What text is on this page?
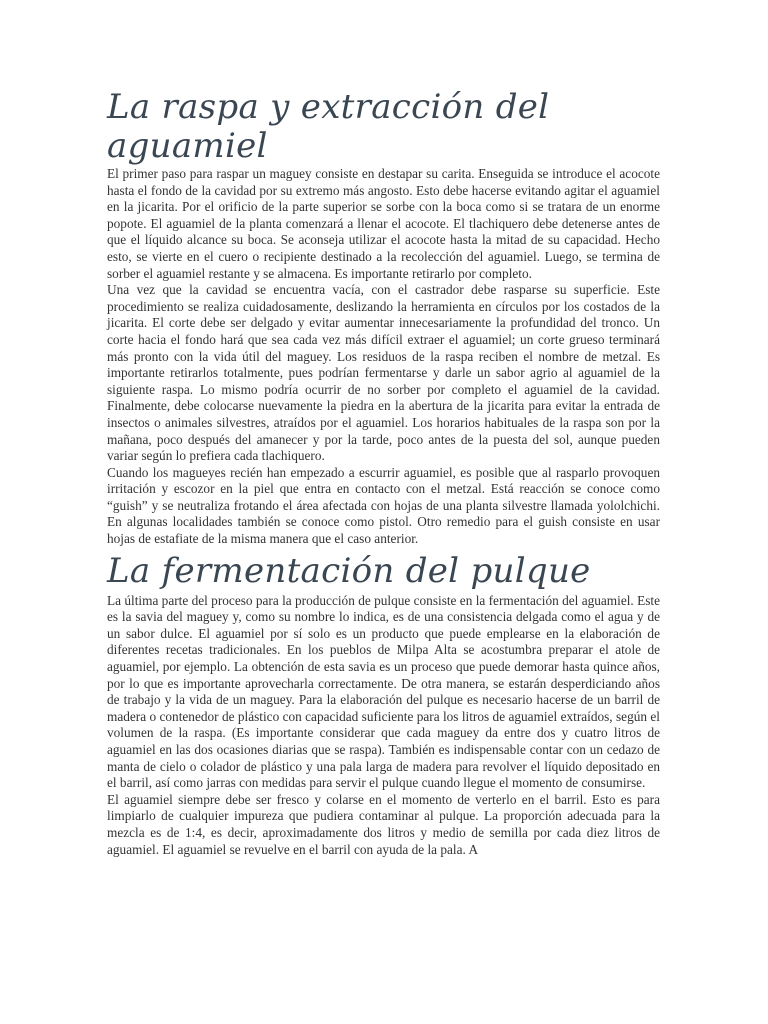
La raspa y extracción del aguamiel

El primer paso para raspar un maguey consiste en destapar su carita. Enseguida se introduce el acocote hasta el fondo de la cavidad por su extremo más angosto. Esto debe hacerse evitando agitar el aguamiel en la jicarita. Por el orificio de la parte superior se sorbe con la boca como si se tratara de un enorme popote. El aguamiel de la planta comenzará a llenar el acocote. El tlachiquero debe detenerse antes de que el líquido alcance su boca. Se aconseja utilizar el acocote hasta la mitad de su capacidad. Hecho esto, se vierte en el cuero o recipiente destinado a la recolección del aguamiel. Luego, se termina de sorber el aguamiel restante y se almacena. Es importante retirarlo por completo.

Una vez que la cavidad se encuentra vacía, con el castrador debe rasparse su superficie. Este procedimiento se realiza cuidadosamente, deslizando la herramienta en círculos por los costados de la jicarita. El corte debe ser delgado y evitar aumentar innecesariamente la profundidad del tronco. Un corte hacia el fondo hará que sea cada vez más difícil extraer el aguamiel; un corte grueso terminará más pronto con la vida útil del maguey. Los residuos de la raspa reciben el nombre de metzal. Es importante retirarlos totalmente, pues podrían fermentarse y darle un sabor agrio al aguamiel de la siguiente raspa. Lo mismo podría ocurrir de no sorber por completo el aguamiel de la cavidad. Finalmente, debe colocarse nuevamente la piedra en la abertura de la jicarita para evitar la entrada de insectos o animales silvestres, atraídos por el aguamiel. Los horarios habituales de la raspa son por la mañana, poco después del amanecer y por la tarde, poco antes de la puesta del sol, aunque pueden variar según lo prefiera cada tlachiquero.

Cuando los magueyes recién han empezado a escurrir aguamiel, es posible que al rasparlo provoquen irritación y escozor en la piel que entra en contacto con el metzal. Está reacción se conoce como “guish” y se neutraliza frotando el área afectada con hojas de una planta silvestre llamada yololchichi. En algunas localidades también se conoce como pistol. Otro remedio para el guish consiste en usar hojas de estafiate de la misma manera que el caso anterior.

La fermentación del pulque

La última parte del proceso para la producción de pulque consiste en la fermentación del aguamiel. Este es la savia del maguey y, como su nombre lo indica, es de una consistencia delgada como el agua y de un sabor dulce. El aguamiel por sí solo es un producto que puede emplearse en la elaboración de diferentes recetas tradicionales. En los pueblos de Milpa Alta se acostumbra preparar el atole de aguamiel, por ejemplo. La obtención de esta savia es un proceso que puede demorar hasta quince años, por lo que es importante aprovecharla correctamente. De otra manera, se estarán desperdiciando años de trabajo y la vida de un maguey. Para la elaboración del pulque es necesario hacerse de un barril de madera o contenedor de plástico con capacidad suficiente para los litros de aguamiel extraídos, según el volumen de la raspa. (Es importante considerar que cada maguey da entre dos y cuatro litros de aguamiel en las dos ocasiones diarias que se raspa). También es indispensable contar con un cedazo de manta de cielo o colador de plástico y una pala larga de madera para revolver el líquido depositado en el barril, así como jarras con medidas para servir el pulque cuando llegue el momento de consumirse.

El aguamiel siempre debe ser fresco y colarse en el momento de verterlo en el barril. Esto es para limpiarlo de cualquier impureza que pudiera contaminar al pulque. La proporción adecuada para la mezcla es de 1:4, es decir, aproximadamente dos litros y medio de semilla por cada diez litros de aguamiel. El aguamiel se revuelve en el barril con ayuda de la pala. A
